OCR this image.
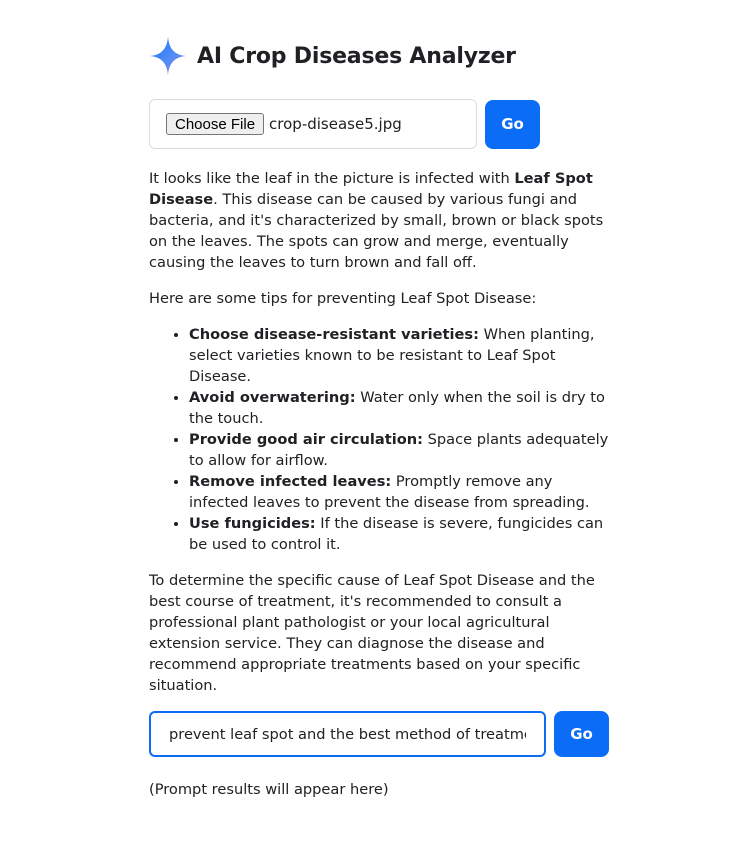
AI Crop Diseases Analyzer
Choose File crop-disease5.jpg	Go

It looks like the leaf in the picture is infected with Leaf Spot Disease. This disease can be caused by various fungi and bacteria, and it's characterized by small, brown or black spots on the leaves. The spots can grow and merge, eventually causing the leaves to turn brown and fall off.

Here are some tips for preventing Leaf Spot Disease:

• Choose disease-resistant varieties: When planting, select varieties known to be resistant to Leaf Spot Disease.
• Avoid overwatering: Water only when the soil is dry to the touch.
• Provide good air circulation: Space plants adequately to allow for airflow.
• Remove infected leaves: Promptly remove any infected leaves to prevent the disease from spreading.
• Use fungicides: If the disease is severe, fungicides can be used to control it.

To determine the specific cause of Leaf Spot Disease and the best course of treatment, it's recommended to consult a professional plant pathologist or your local agricultural extension service. They can diagnose the disease and recommend appropriate treatments based on your specific situation.

prevent leaf spot and the best method of treatment
Go
(Prompt results will appear here)
